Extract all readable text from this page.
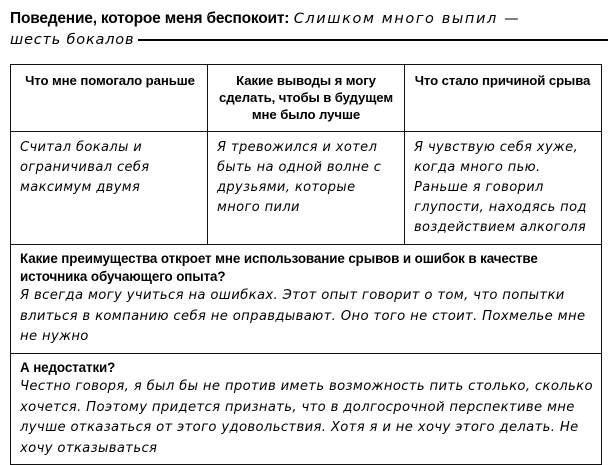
Поведение, которое меня беспокоит: Слишком много выпил —
шесть бокалов
Что мне помогало раньше	Какие выводы я могу сделать, чтобы в будущем мне было лучше
Что стало причиной срыва
Считал бокалы и ограничивал себя максимум двумя
Я тревожился и хотел быть на одной волне с друзьями, которые много пили
Я чувствую себя хуже, когда много пью. Раньше я говорил глупости, находясь под воздействием алкоголя
Какие преимущества откроет мне использование срывов и ошибок в качестве источника обучающего опыта?
Я всегда могу учиться на ошибках. Этот опыт говорит о том, что попытки влиться в компанию себя не оправдывают. Оно того не стоит. Похмелье мне не нужно
А недостатки?
Честно говоря, я был бы не против иметь возможность пить столько, сколько хочется. Поэтому придется признать, что в долгосрочной перспективе мне лучше отказаться от этого удовольствия. Хотя я и не хочу этого делать. Не хочу отказываться
